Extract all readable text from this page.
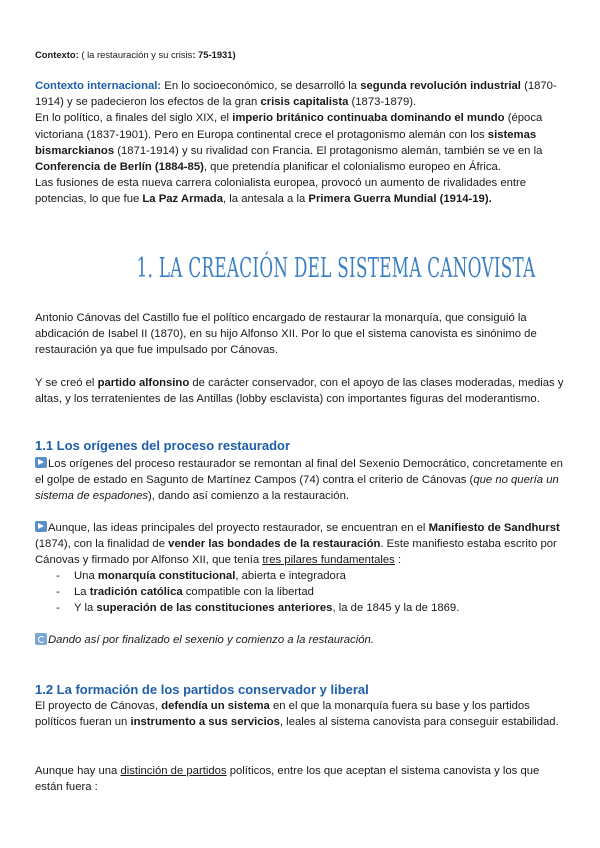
Contexto: ( la restauración y su crisis: 75-1931)

Contexto internacional: En lo socioeconómico, se desarrolló la segunda revolución industrial (1870-1914) y se padecieron los efectos de la gran crisis capitalista (1873-1879).
En lo político, a finales del siglo XIX, el imperio británico continuaba dominando el mundo (época victoriana (1837-1901). Pero en Europa continental crece el protagonismo alemán con los sistemas bismarckianos (1871-1914) y su rivalidad con Francia. El protagonismo alemán, también se ve en la Conferencia de Berlín (1884-85), que pretendía planificar el colonialismo europeo en África.
Las fusiones de esta nueva carrera colonialista europea, provocó un aumento de rivalidades entre potencias, lo que fue La Paz Armada, la antesala a la Primera Guerra Mundial (1914-19).

1. LA CREACIÓN DEL SISTEMA CANOVISTA

Antonio Cánovas del Castillo fue el político encargado de restaurar la monarquía, que consiguió la abdicación de Isabel II (1870), en su hijo Alfonso XII. Por lo que el sistema canovista es sinónimo de restauración ya que fue impulsado por Cánovas.

Y se creó el partido alfonsino de carácter conservador, con el apoyo de las clases moderadas, medias y altas, y los terratenientes de las Antillas (lobby esclavista) con importantes figuras del moderantismo.

1.1 Los orígenes del proceso restaurador

Los orígenes del proceso restaurador se remontan al final del Sexenio Democrático, concretamente en el golpe de estado en Sagunto de Martínez Campos (74) contra el criterio de Cánovas (que no quería un sistema de espadones), dando así comienzo a la restauración.

Aunque, las ideas principales del proyecto restaurador, se encuentran en el Manifiesto de Sandhurst (1874), con la finalidad de vender las bondades de la restauración. Este manifiesto estaba escrito por Cánovas y firmado por Alfonso XII, que tenía tres pilares fundamentales :

- Una monarquía constitucional, abierta e integradora
- La tradición católica compatible con la libertad
- Y la superación de las constituciones anteriores, la de 1845 y la de 1869.

Dando así por finalizado el sexenio y comienzo a la restauración.

1.2 La formación de los partidos conservador y liberal

El proyecto de Cánovas, defendía un sistema en el que la monarquía fuera su base y los partidos políticos fueran un instrumento a sus servicios, leales al sistema canovista para conseguir estabilidad.

Aunque hay una distinción de partidos políticos, entre los que aceptan el sistema canovista y los que están fuera :
